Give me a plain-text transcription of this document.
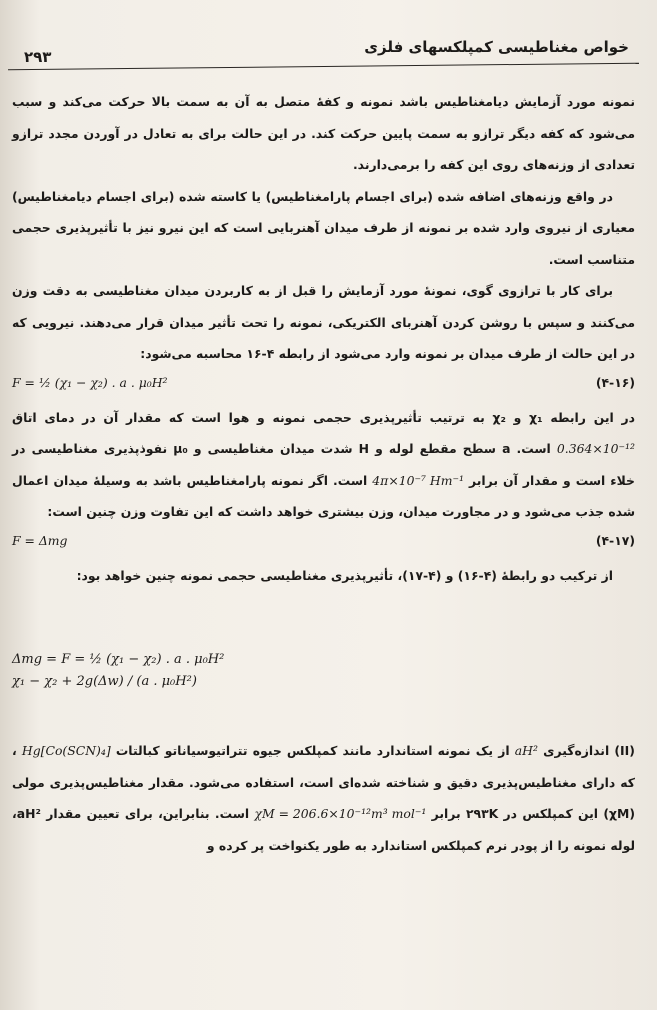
خواص مغناطیسی کمپلکسهای فلزی
۲۹۳

نمونه مورد آزمایش دیامغناطیس باشد نمونه و کفۀ متصل به آن به سمت بالا حرکت می‌کند و سبب می‌شود که کفه دیگر ترازو به سمت پایین حرکت کند. در این حالت برای به تعادل در آوردن مجدد ترازو تعدادی از وزنه‌های روی این کفه را برمی‌دارند.

در واقع وزنه‌های اضافه شده (برای اجسام پارامغناطیس) یا کاسته شده (برای اجسام دیامغناطیس) معیاری از نیروی وارد شده بر نمونه از طرف میدان آهنربایی است که این نیرو نیز با تأثیرپذیری حجمی متناسب است.

برای کار با ترازوی گوی، نمونۀ مورد آزمایش را قبل از به کاربردن میدان مغناطیسی به دقت وزن می‌کنند و سپس با روشن کردن آهنربای الکتریکی، نمونه را تحت تأثیر میدان قرار می‌دهند. نیرویی که در این حالت از طرف میدان بر نمونه وارد می‌شود از رابطه ۴-۱۶ محاسبه می‌شود:

F = ½ (χ₁ − χ₂) . a . μ₀H²	(۴-۱۶)

در این رابطه χ₁ و χ₂ به ترتیب تأثیرپذیری حجمی نمونه و هوا است که مقدار آن در دمای اتاق 0.364×10⁻¹² است. a سطح مقطع لوله و H شدت میدان مغناطیسی و μ₀ نفوذپذیری مغناطیسی در خلاء است و مقدار آن برابر 4π×10⁻⁷ Hm⁻¹ است. اگر نمونه پارامغناطیس باشد به وسیلۀ میدان اعمال شده جذب می‌شود و در مجاورت میدان، وزن بیشتری خواهد داشت که این تفاوت وزن چنین است:

F = Δmg	(۴-۱۷)

از ترکیب دو رابطۀ (۴-۱۶) و (۴-۱۷)، تأثیرپذیری مغناطیسی حجمی نمونه چنین خواهد بود:

Δmg = F = ½ (χ₁ − χ₂) . a . μ₀H²
χ₁ − χ₂ + 2g(Δw) / (a . μ₀H²)

(II) اندازه‌گیری aH² از یک نمونه استاندارد مانند کمپلکس جیوه تتراتیوسیاناتو کبالتات Hg[Co(SCN)₄] ، که دارای مغناطیس‌پذیری دقیق و شناخته شده‌ای است، استفاده می‌شود. مقدار مغناطیس‌پذیری مولی (χM) این کمپلکس در ۲۹۳K برابر χM = 206.6×10⁻¹²m³ mol⁻¹ است. بنابراین، برای تعیین مقدار aH²، لوله نمونه را از پودر نرم کمپلکس استاندارد به طور یکنواخت پر کرده و
